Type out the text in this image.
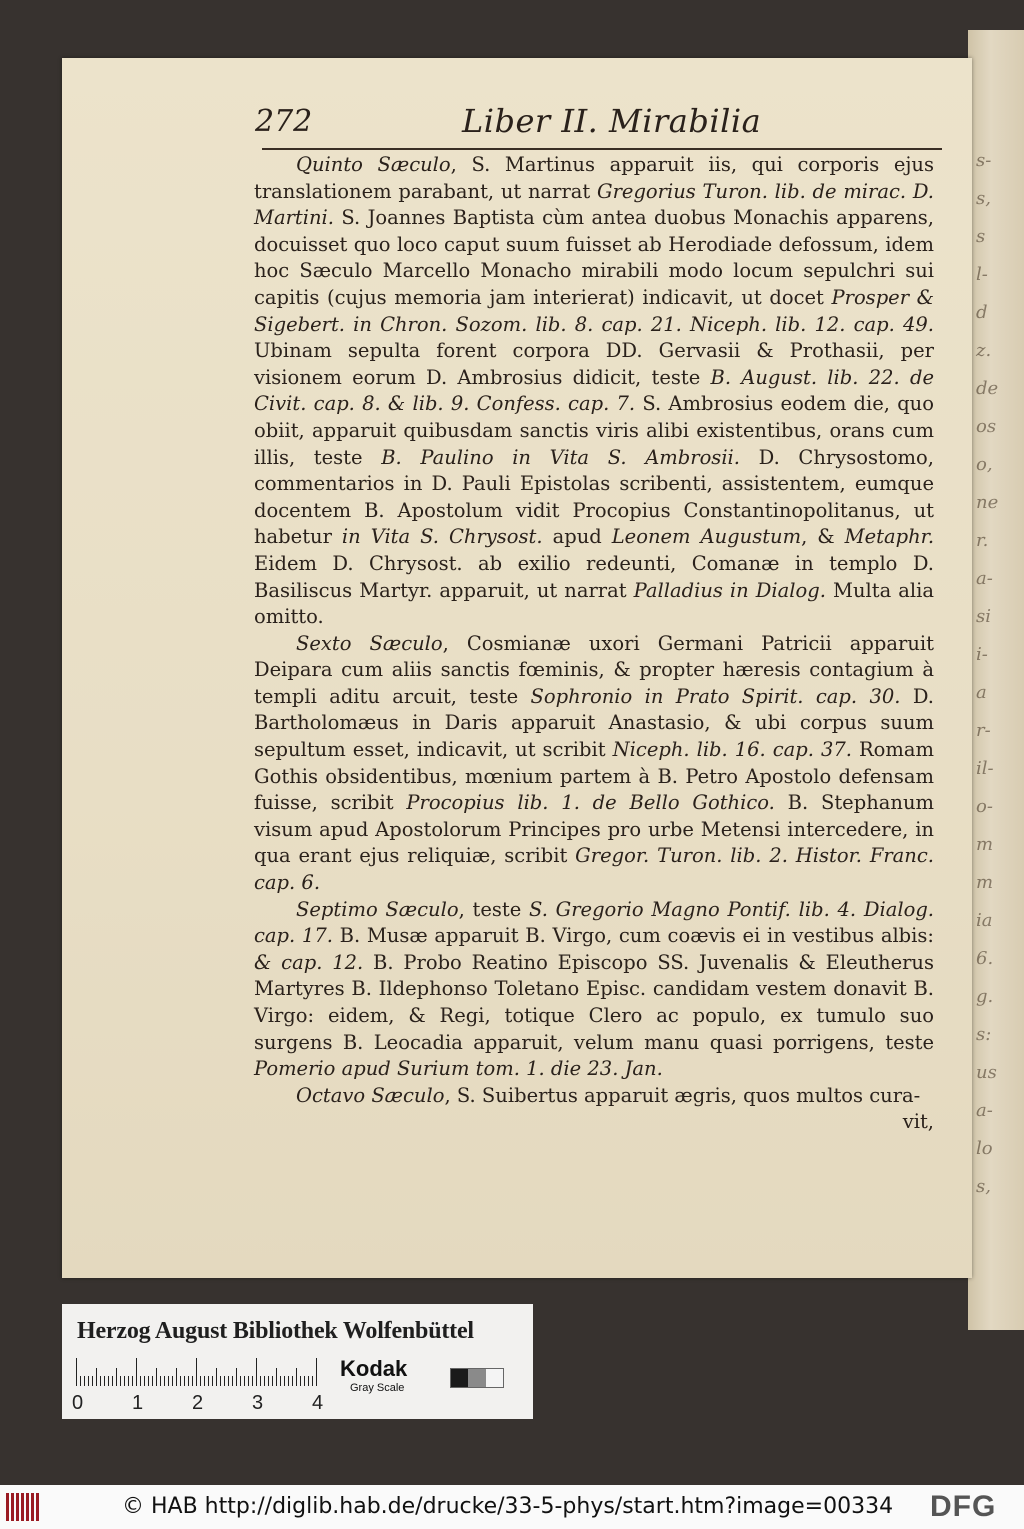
s-
s,
s
l-
d
z.
de
os
o,
ne
r.
a-
si
i-
a
r-
il-
o-
m
m
ia
6.
g.
s:
us
a-
lo
s,
272	Liber II. Mirabilia

Quinto Sæculo, S. Martinus apparuit iis, qui corporis ejus translationem parabant, ut narrat Gregorius Turon. lib. de mirac. D. Martini. S. Joannes Baptista cùm antea duobus Monachis apparens, docuisset quo loco caput suum fuisset ab Herodiade defossum, idem hoc Sæculo Marcello Monacho mirabili modo locum sepulchri sui capitis (cujus memoria jam interierat) indicavit, ut docet Prosper & Sigebert. in Chron. Sozom. lib. 8. cap. 21. Niceph. lib. 12. cap. 49. Ubinam sepulta forent corpora DD. Gervasii & Prothasii, per visionem eorum D. Ambrosius didicit, teste B. August. lib. 22. de Civit. cap. 8. & lib. 9. Confess. cap. 7. S. Ambrosius eodem die, quo obiit, apparuit quibusdam sanctis viris alibi existentibus, orans cum illis, teste B. Paulino in Vita S. Ambrosii. D. Chrysostomo, commentarios in D. Pauli Epistolas scribenti, assistentem, eumque docentem B. Apostolum vidit Procopius Constantinopolitanus, ut habetur in Vita S. Chrysost. apud Leonem Augustum, & Metaphr. Eidem D. Chrysost. ab exilio redeunti, Comanæ in templo D. Basiliscus Martyr. apparuit, ut narrat Palladius in Dialog. Multa alia omitto.

Sexto Sæculo, Cosmianæ uxori Germani Patricii apparuit Deipara cum aliis sanctis fœminis, & propter hæresis contagium à templi aditu arcuit, teste Sophronio in Prato Spirit. cap. 30. D. Bartholomæus in Daris apparuit Anastasio, & ubi corpus suum sepultum esset, indicavit, ut scribit Niceph. lib. 16. cap. 37. Romam Gothis obsidentibus, mœnium partem à B. Petro Apostolo defensam fuisse, scribit Procopius lib. 1. de Bello Gothico. B. Stephanum visum apud Apostolorum Principes pro urbe Metensi intercedere, in qua erant ejus reliquiæ, scribit Gregor. Turon. lib. 2. Histor. Franc. cap. 6.

Septimo Sæculo, teste S. Gregorio Magno Pontif. lib. 4. Dialog. cap. 17. B. Musæ apparuit B. Virgo, cum coævis ei in vestibus albis: & cap. 12. B. Probo Reatino Episcopo SS. Juvenalis & Eleutherus Martyres B. Ildephonso Toletano Episc. candidam vestem donavit B. Virgo: eidem, & Regi, totique Clero ac populo, ex tumulo suo surgens B. Leocadia apparuit, velum manu quasi porrigens, teste Pomerio apud Surium tom. 1. die 23. Jan.

Octavo Sæculo, S. Suibertus apparuit ægris, quos multos cura-

vit,

Herzog August Bibliothek Wolfenbüttel
0 1 2 3 4
Kodak
Gray Scale
© HAB http://diglib.hab.de/drucke/33-5-phys/start.htm?image=00334 DFG
